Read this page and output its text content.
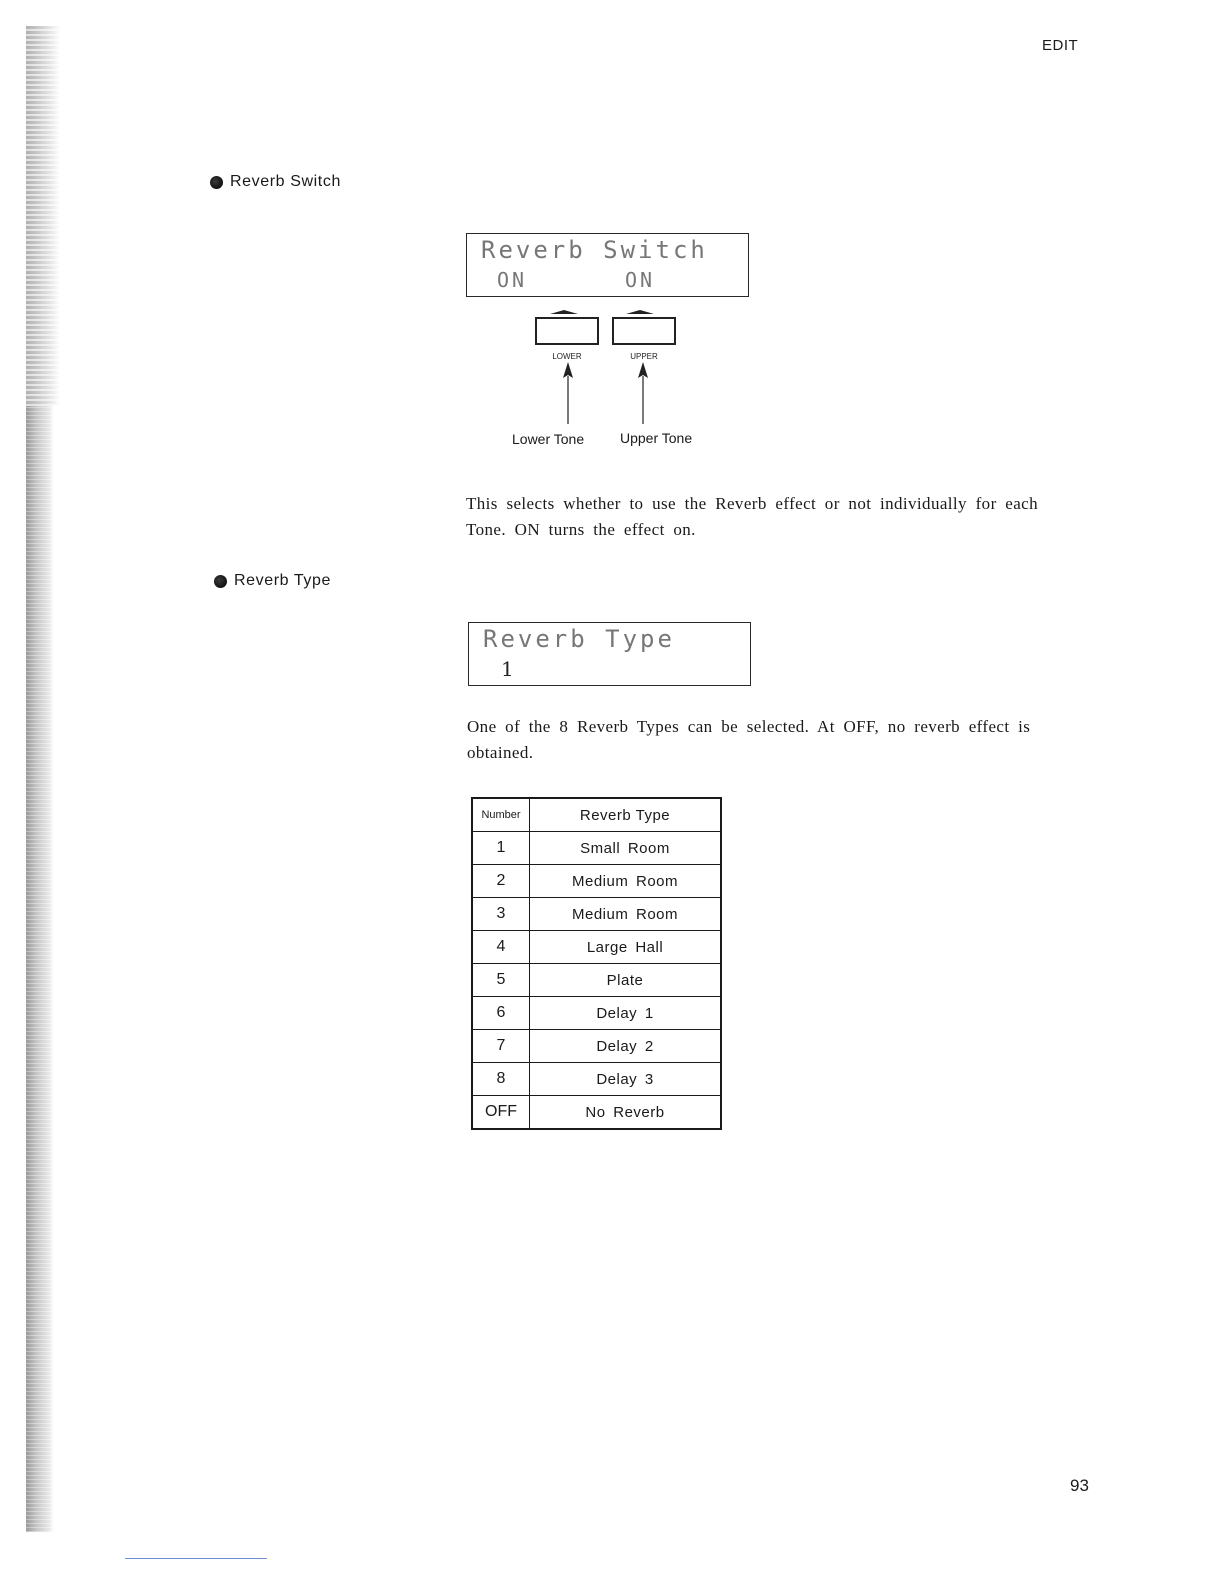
EDIT
Reverb Switch
Reverb Switch
ON	ON
LOWER	UPPER
Lower Tone	Upper Tone
This selects whether to use the Reverb effect or not individually for each Tone. ON turns the effect on.
Reverb Type
Reverb Type
1
One of the 8 Reverb Types can be selected. At OFF, no reverb effect is obtained.
Number	Reverb Type
1	Small Room
2	Medium Room
3	Medium Room
4	Large Hall
5	Plate
6	Delay 1
7	Delay 2
8	Delay 3
OFF	No Reverb
93
